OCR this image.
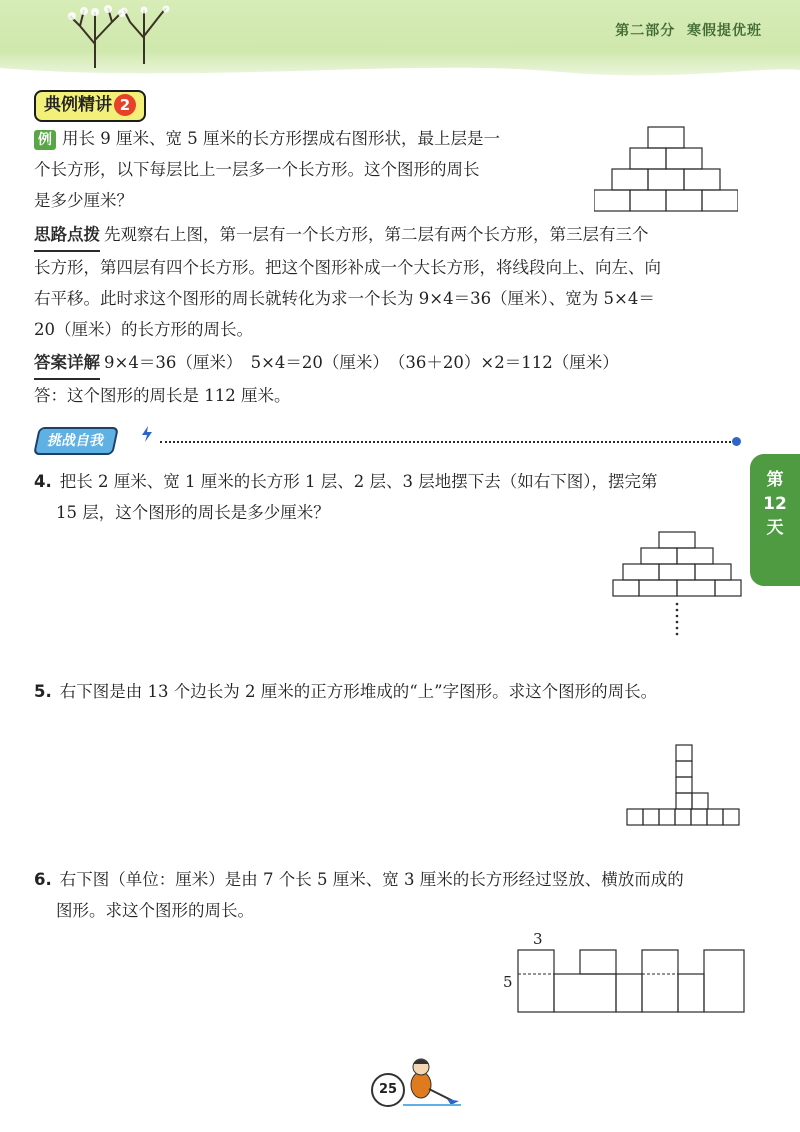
第二部分 寒假提优班
典例精讲 2
例 用长 9 厘米、宽 5 厘米的长方形摆成右图形状，最上层是一
个长方形，以下每层比上一层多一个长方形。这个图形的周长
是多少厘米？
思路点拨 先观察右上图，第一层有一个长方形，第二层有两个长方形，第三层有三个
长方形，第四层有四个长方形。把这个图形补成一个大长方形，将线段向上、向左、向
右平移。此时求这个图形的周长就转化为求一个长为 9×4＝36（厘米）、宽为 5×4＝
20（厘米）的长方形的周长。
答案详解 9×4＝36（厘米）　5×4＝20（厘米）　（36＋20）×2＝112（厘米）
答：这个图形的周长是 112 厘米。
挑战自我
第
12
天
4. 把长 2 厘米、宽 1 厘米的长方形 1 层、2 层、3 层地摆下去（如右下图），摆完第
15 层，这个图形的周长是多少厘米？
5. 右下图是由 13 个边长为 2 厘米的正方形堆成的“上”字图形。求这个图形的周长。
6. 右下图（单位：厘米）是由 7 个长 5 厘米、宽 3 厘米的长方形经过竖放、横放而成的
图形。求这个图形的周长。
3
5
25
